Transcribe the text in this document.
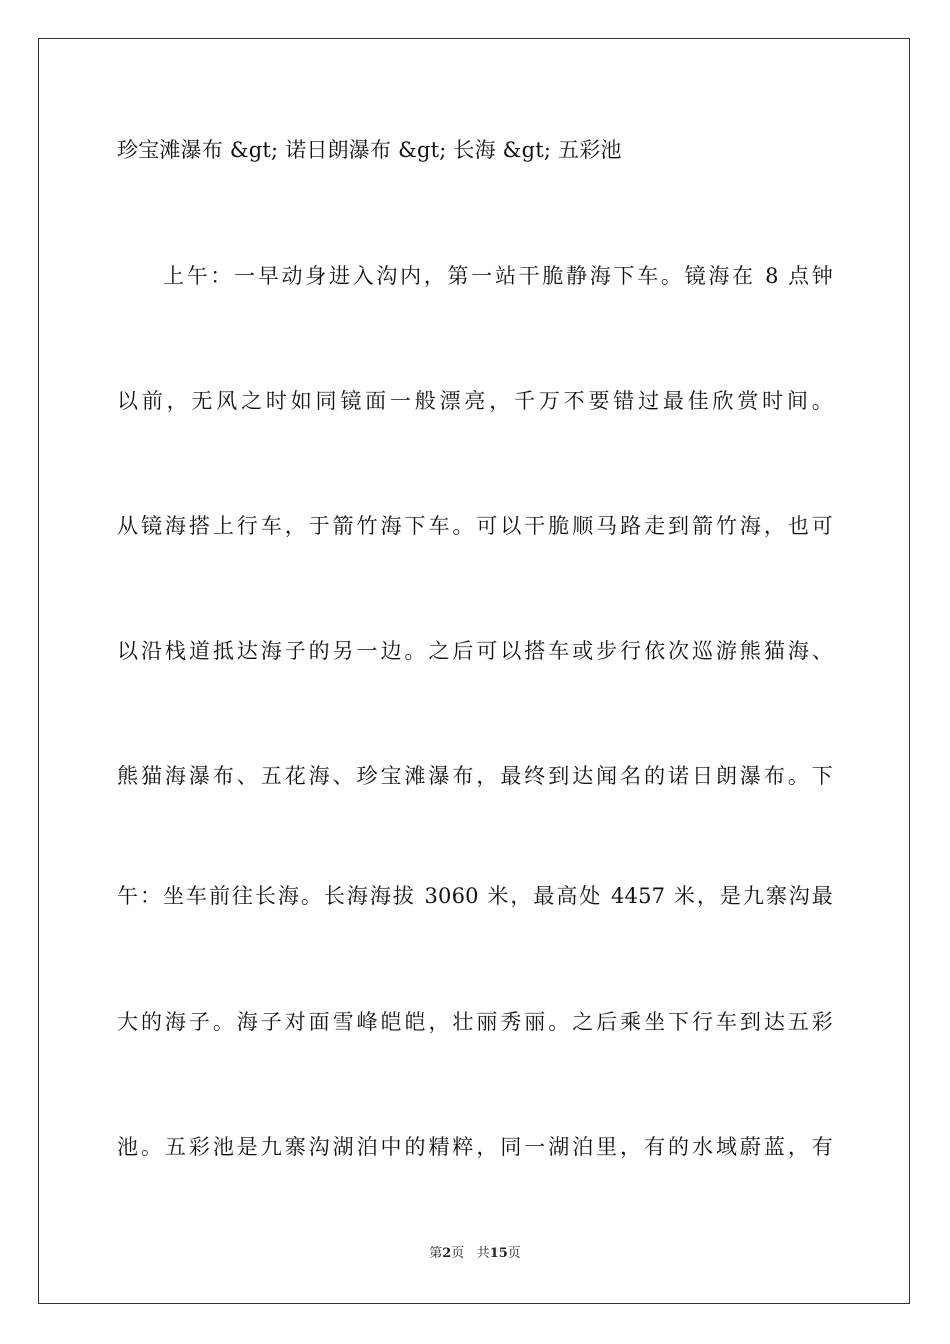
珍宝滩瀑布 &gt; 诺日朗瀑布 &gt; 长海 &gt; 五彩池
上午：一早动身进入沟内，第一站干脆静海下车。镜海在 8 点钟
以前，无风之时如同镜面一般漂亮，千万不要错过最佳欣赏时间。
从镜海搭上行车，于箭竹海下车。可以干脆顺马路走到箭竹海，也可
以沿栈道抵达海子的另一边。之后可以搭车或步行依次巡游熊猫海、
熊猫海瀑布、五花海、珍宝滩瀑布，最终到达闻名的诺日朗瀑布。下
午：坐车前往长海。长海海拔 3060 米，最高处 4457 米，是九寨沟最
大的海子。海子对面雪峰皑皑，壮丽秀丽。之后乘坐下行车到达五彩
池。五彩池是九寨沟湖泊中的精粹，同一湖泊里，有的水域蔚蓝，有
第2页 共15页
